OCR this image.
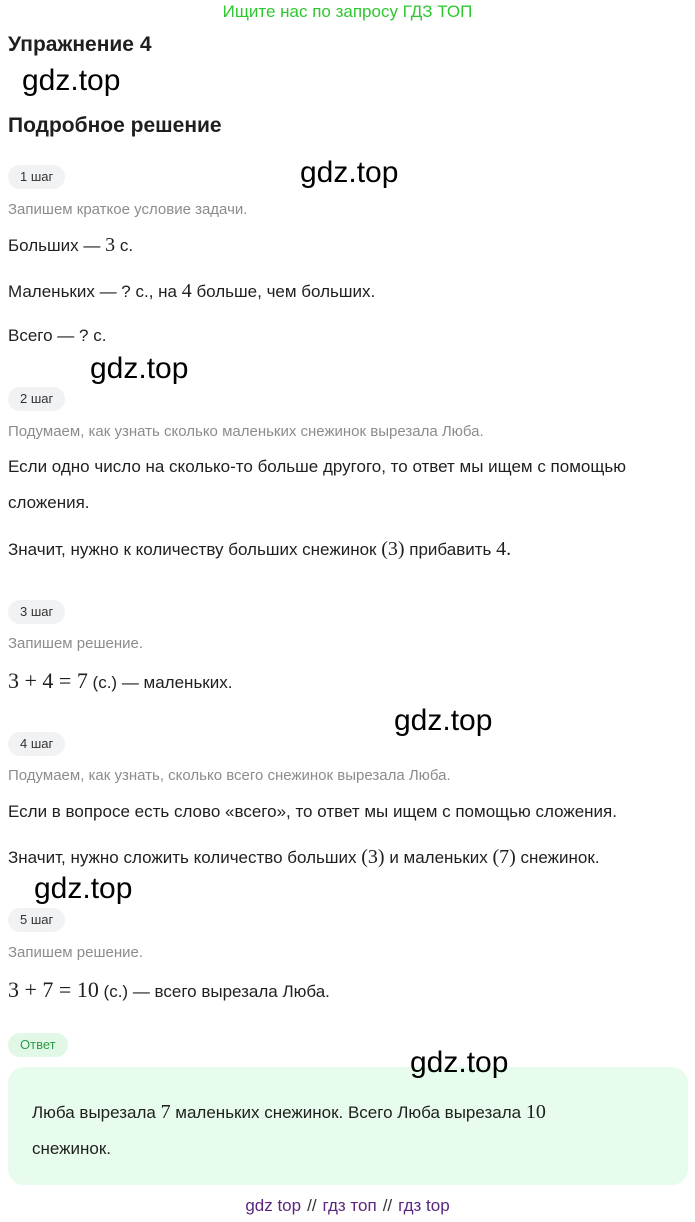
Ищите нас по запросу ГДЗ ТОП
Упражнение 4
gdz.top
Подробное решение
1 шаг	gdz.top
Запишем краткое условие задачи.
Больших — 3 с.
Маленьких — ? с., на 4 больше, чем больших.
Всего — ? с.
gdz.top
2 шаг
Подумаем, как узнать сколько маленьких снежинок вырезала Люба.
Если одно число на сколько-то больше другого, то ответ мы ищем с помощью
сложения.
Значит, нужно к количеству больших снежинок (3) прибавить 4.
3 шаг
Запишем решение.
3 + 4 = 7 (с.) — маленьких.
gdz.top
4 шаг
Подумаем, как узнать, сколько всего снежинок вырезала Люба.
Если в вопросе есть слово «всего», то ответ мы ищем с помощью сложения.
Значит, нужно сложить количество больших (3) и маленьких (7) снежинок.
gdz.top
5 шаг
Запишем решение.
3 + 7 = 10 (с.) — всего вырезала Люба.
Ответ
Люба вырезала 7 маленьких снежинок. Всего Люба вырезала 10
снежинок.
gdz.top
gdz top // гдз топ // гдз top
